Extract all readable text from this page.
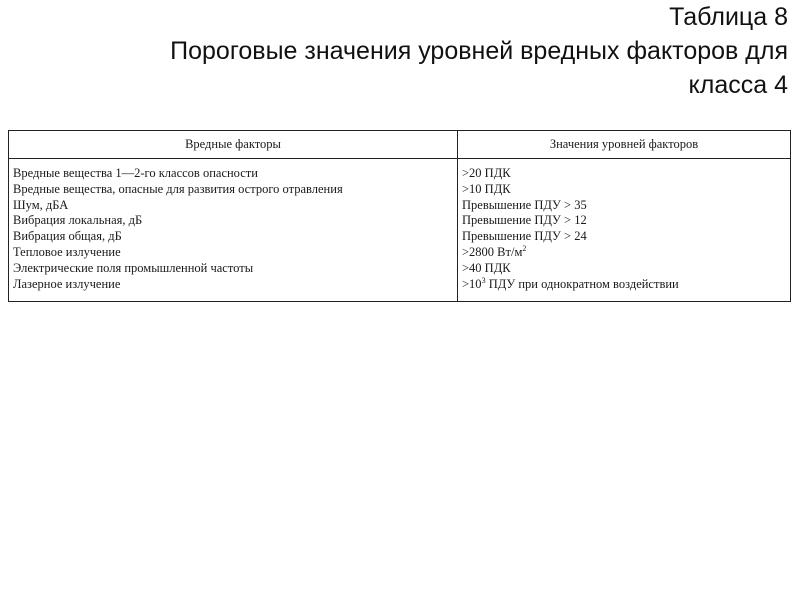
Таблица 8
Пороговые значения уровней вредных факторов для
класса 4
Вредные факторы	Значения уровней факторов
Вредные вещества 1—2-го классов опасности
Вредные вещества, опасные для развития острого отравления
Шум, дБА
Вибрация локальная, дБ
Вибрация общая, дБ
Тепловое излучение
Электрические поля промышленной частоты
Лазерное излучение
>20 ПДК
>10 ПДК
Превышение ПДУ > 35
Превышение ПДУ > 12
Превышение ПДУ > 24
>2800 $Вт/м^2$
>40 ПДК
$>10^3$ ПДУ при однократном воздействии
